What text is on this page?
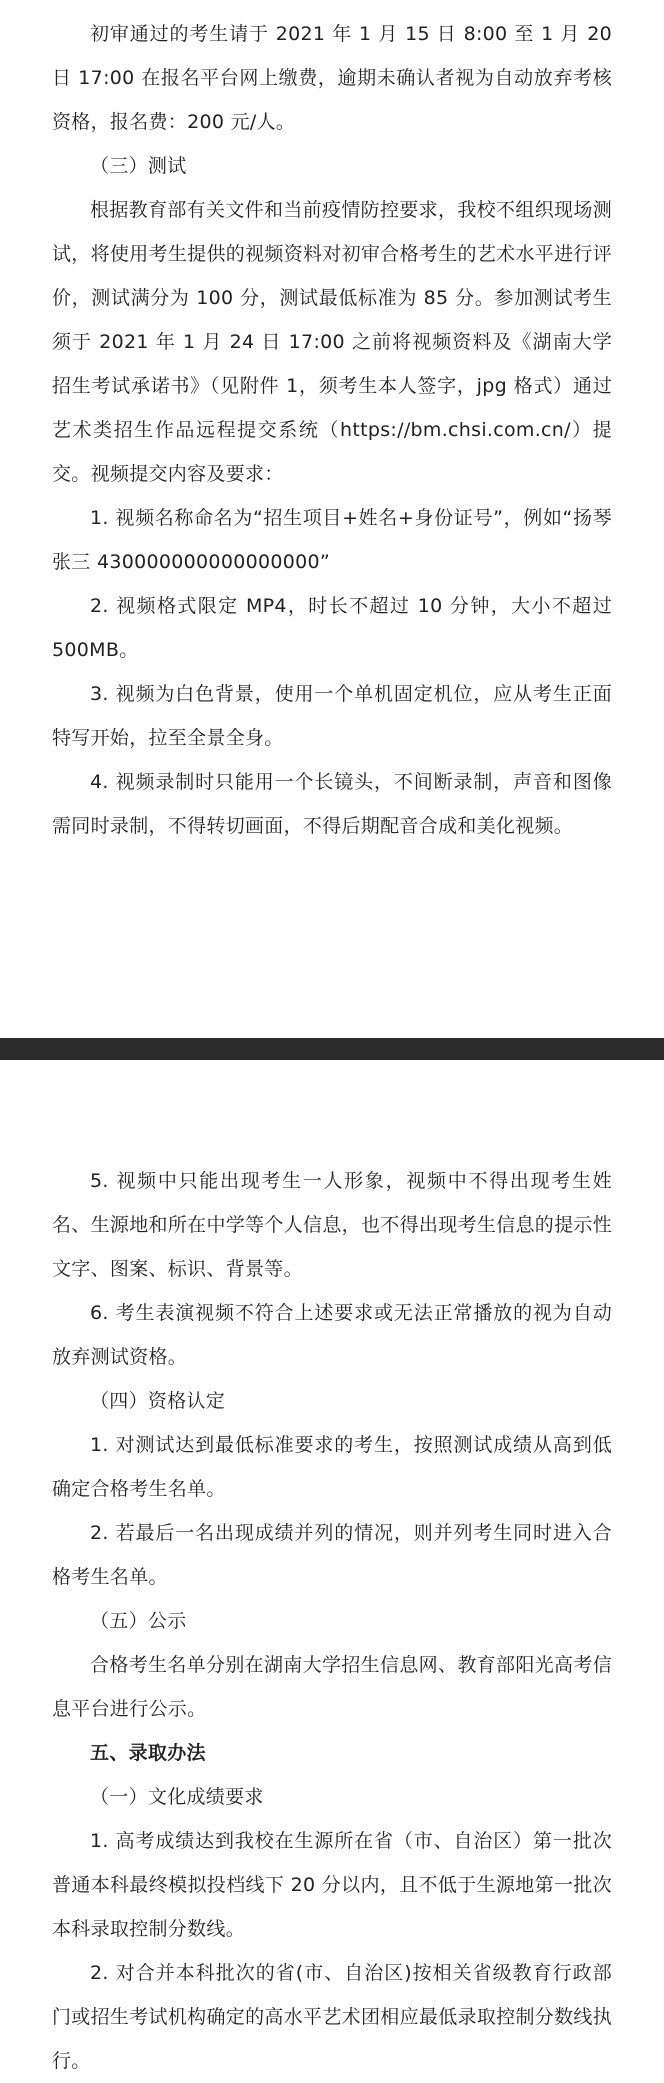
初审通过的考生请于 2021 年 1 月 15 日 8:00 至 1 月 20 日 17:00 在报名平台网上缴费，逾期未确认者视为自动放弃考核资格，报名费：200 元/人。

（三）测试

根据教育部有关文件和当前疫情防控要求，我校不组织现场测试，将使用考生提供的视频资料对初审合格考生的艺术水平进行评价，测试满分为 100 分，测试最低标准为 85 分。参加测试考生须于 2021 年 1 月 24 日 17:00 之前将视频资料及《湖南大学招生考试承诺书》（见附件 1，须考生本人签字，jpg 格式）通过艺术类招生作品远程提交系统（https://bm.chsi.com.cn/）提交。视频提交内容及要求：

1. 视频名称命名为“招生项目+姓名+身份证号”，例如“扬琴 张三 430000000000000000”

2. 视频格式限定 MP4，时长不超过 10 分钟，大小不超过 500MB。

3. 视频为白色背景，使用一个单机固定机位，应从考生正面特写开始，拉至全景全身。

4. 视频录制时只能用一个长镜头，不间断录制，声音和图像需同时录制，不得转切画面，不得后期配音合成和美化视频。

5. 视频中只能出现考生一人形象，视频中不得出现考生姓名、生源地和所在中学等个人信息，也不得出现考生信息的提示性文字、图案、标识、背景等。

6. 考生表演视频不符合上述要求或无法正常播放的视为自动放弃测试资格。

（四）资格认定

1. 对测试达到最低标准要求的考生，按照测试成绩从高到低确定合格考生名单。

2. 若最后一名出现成绩并列的情况，则并列考生同时进入合格考生名单。

（五）公示

合格考生名单分别在湖南大学招生信息网、教育部阳光高考信息平台进行公示。

五、录取办法

（一）文化成绩要求

1. 高考成绩达到我校在生源所在省（市、自治区）第一批次普通本科最终模拟投档线下 20 分以内，且不低于生源地第一批次本科录取控制分数线。

2. 对合并本科批次的省(市、自治区)按相关省级教育行政部门或招生考试机构确定的高水平艺术团相应最低录取控制分数线执行。
